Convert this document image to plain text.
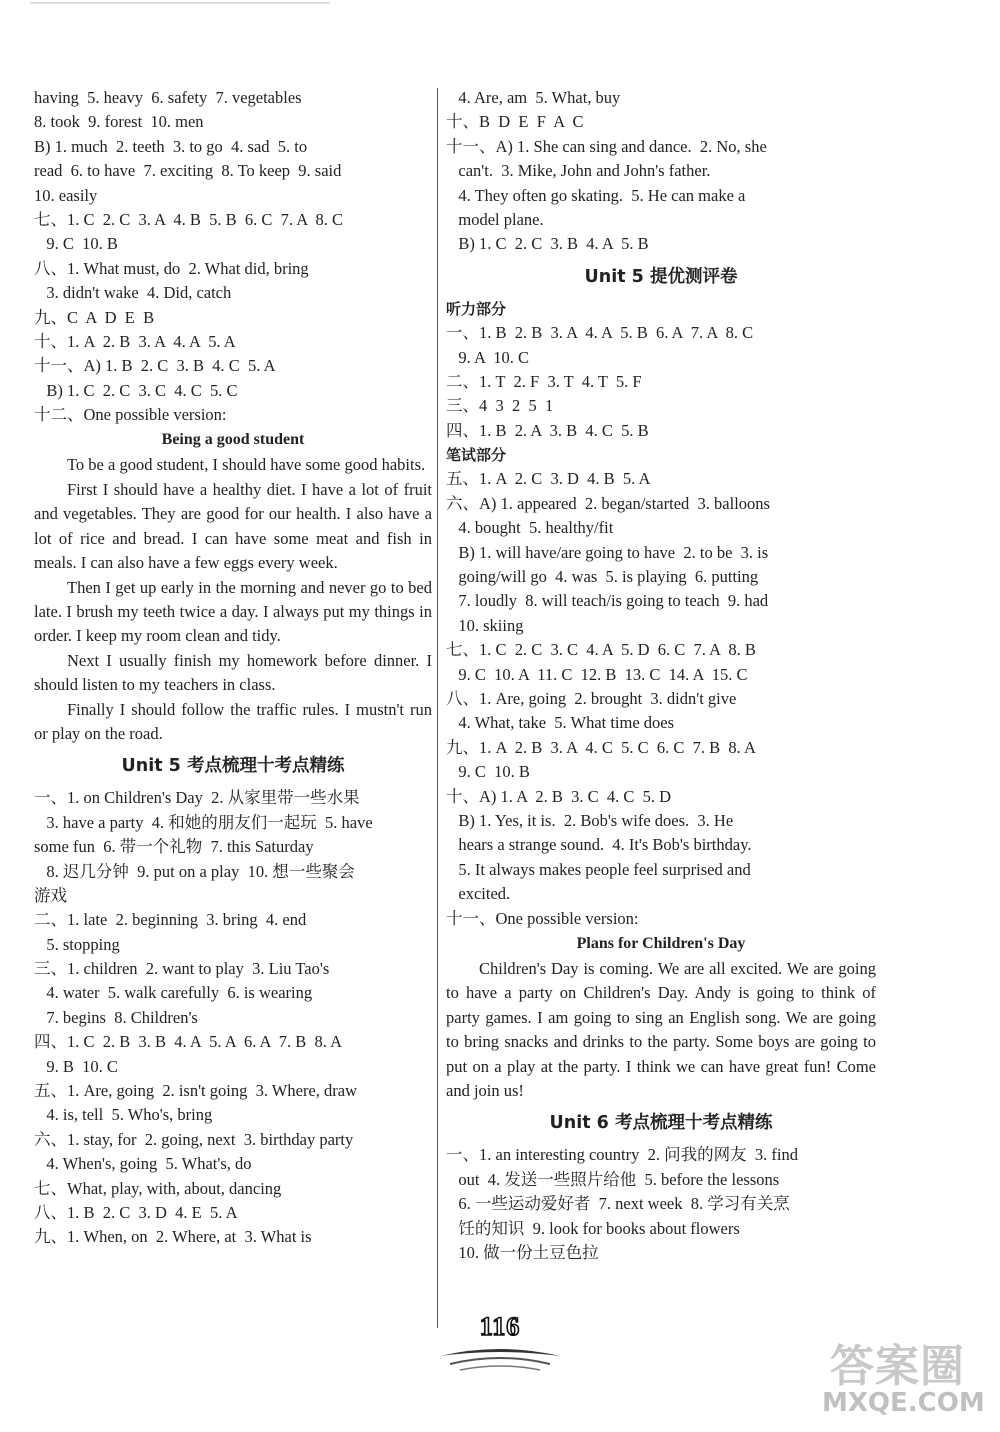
having  5. heavy  6. safety  7. vegetables
8. took  9. forest  10. men
B) 1. much  2. teeth  3. to go  4. sad  5. to
read  6. to have  7. exciting  8. To keep  9. said
10. easily
七、1. C  2. C  3. A  4. B  5. B  6. C  7. A  8. C
9. C  10. B
八、1. What must, do  2. What did, bring
3. didn't wake  4. Did, catch
九、C  A  D  E  B
十、1. A  2. B  3. A  4. A  5. A
十一、A) 1. B  2. C  3. B  4. C  5. A
B) 1. C  2. C  3. C  4. C  5. C
十二、One possible version:
Being a good student
To be a good student, I should have some good habits.
First I should have a healthy diet. I have a lot of fruit and vegetables. They are good for our health. I also have a lot of rice and bread. I can have some meat and fish in meals. I can also have a few eggs every week.
Then I get up early in the morning and never go to bed late. I brush my teeth twice a day. I always put my things in order. I keep my room clean and tidy.
Next I usually finish my homework before dinner. I should listen to my teachers in class.
Finally I should follow the traffic rules. I mustn't run or play on the road.
Unit 5 考点梳理十考点精练
一、1. on Children's Day  2. 从家里带一些水果
3. have a party  4. 和她的朋友们一起玩  5. have
some fun  6. 带一个礼物  7. this Saturday
8. 迟几分钟  9. put on a play  10. 想一些聚会
游戏
二、1. late  2. beginning  3. bring  4. end
5. stopping
三、1. children  2. want to play  3. Liu Tao's
4. water  5. walk carefully  6. is wearing
7. begins  8. Children's
四、1. C  2. B  3. B  4. A  5. A  6. A  7. B  8. A
9. B  10. C
五、1. Are, going  2. isn't going  3. Where, draw
4. is, tell  5. Who's, bring
六、1. stay, for  2. going, next  3. birthday party
4. When's, going  5. What's, do
七、What, play, with, about, dancing
八、1. B  2. C  3. D  4. E  5. A
九、1. When, on  2. Where, at  3. What is
4. Are, am  5. What, buy
十、B  D  E  F  A  C
十一、A) 1. She can sing and dance.  2. No, she
can't.  3. Mike, John and John's father.
4. They often go skating.  5. He can make a
model plane.
B) 1. C  2. C  3. B  4. A  5. B
Unit 5 提优测评卷
听力部分
一、1. B  2. B  3. A  4. A  5. B  6. A  7. A  8. C
9. A  10. C
二、1. T  2. F  3. T  4. T  5. F
三、4  3  2  5  1
四、1. B  2. A  3. B  4. C  5. B
笔试部分
五、1. A  2. C  3. D  4. B  5. A
六、A) 1. appeared  2. began/started  3. balloons
4. bought  5. healthy/fit
B) 1. will have/are going to have  2. to be  3. is
going/will go  4. was  5. is playing  6. putting
7. loudly  8. will teach/is going to teach  9. had
10. skiing
七、1. C  2. C  3. C  4. A  5. D  6. C  7. A  8. B
9. C  10. A  11. C  12. B  13. C  14. A  15. C
八、1. Are, going  2. brought  3. didn't give
4. What, take  5. What time does
九、1. A  2. B  3. A  4. C  5. C  6. C  7. B  8. A
9. C  10. B
十、A) 1. A  2. B  3. C  4. C  5. D
B) 1. Yes, it is.  2. Bob's wife does.  3. He
hears a strange sound.  4. It's Bob's birthday.
5. It always makes people feel surprised and
excited.
十一、One possible version:
Plans for Children's Day
Children's Day is coming. We are all excited. We are going to have a party on Children's Day. Andy is going to think of party games. I am going to sing an English song. We are going to bring snacks and drinks to the party. Some boys are going to put on a play at the party. I think we can have great fun! Come and join us!
Unit 6 考点梳理十考点精练
一、1. an interesting country  2. 问我的网友  3. find
out  4. 发送一些照片给他  5. before the lessons
6. 一些运动爱好者  7. next week  8. 学习有关烹
饪的知识  9. look for books about flowers
10. 做一份土豆色拉
116
答案圈
MXQE.COM
